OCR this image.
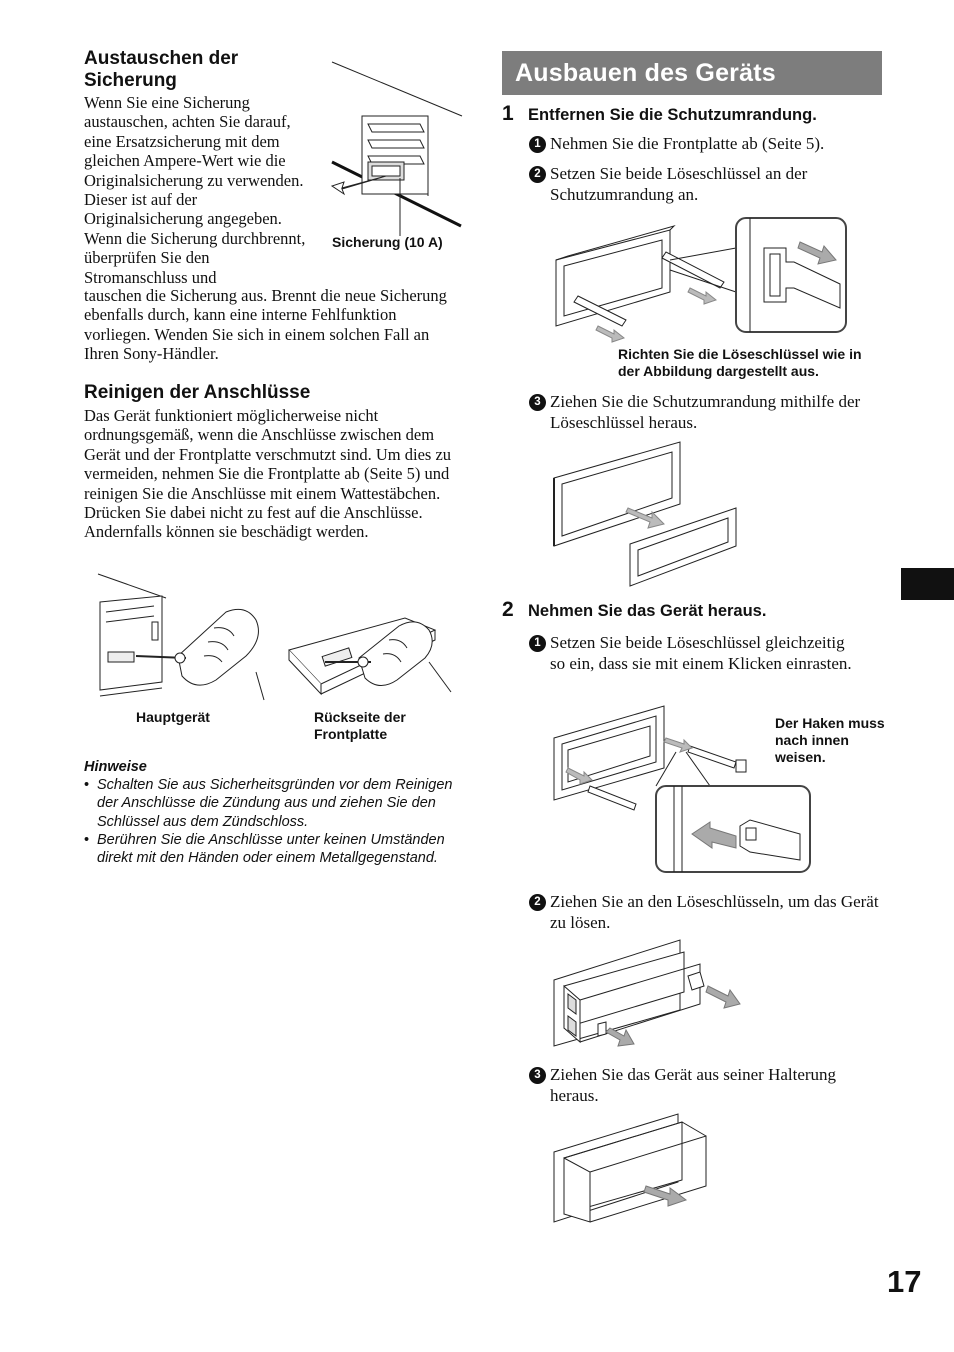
Austauschen der Sicherung
Wenn Sie eine Sicherung austauschen, achten Sie darauf, eine Ersatzsicherung mit dem gleichen Ampere-Wert wie die Originalsicherung zu verwenden. Dieser ist auf der Originalsicherung angegeben. Wenn die Sicherung durchbrennt, überprüfen Sie den Stromanschluss und
tauschen die Sicherung aus. Brennt die neue Sicherung ebenfalls durch, kann eine interne Fehlfunktion vorliegen. Wenden Sie sich in einem solchen Fall an Ihren Sony-Händler.
Sicherung (10 A)
Reinigen der Anschlüsse
Das Gerät funktioniert möglicherweise nicht ordnungsgemäß, wenn die Anschlüsse zwischen dem Gerät und der Frontplatte verschmutzt sind. Um dies zu vermeiden, nehmen Sie die Frontplatte ab (Seite 5) und reinigen Sie die Anschlüsse mit einem Wattestäbchen. Drücken Sie dabei nicht zu fest auf die Anschlüsse. Andernfalls können sie beschädigt werden.
Hauptgerät	Rückseite der Frontplatte
Hinweise
• Schalten Sie aus Sicherheitsgründen vor dem Reinigen der Anschlüsse die Zündung aus und ziehen Sie den Schlüssel aus dem Zündschloss.
• Berühren Sie die Anschlüsse unter keinen Umständen direkt mit den Händen oder einem Metallgegenstand.
Ausbauen des Geräts
1 Entfernen Sie die Schutzumrandung.
1 Nehmen Sie die Frontplatte ab (Seite 5).
2 Setzen Sie beide Löseschlüssel an der Schutzumrandung an.
Richten Sie die Löseschlüssel wie in der Abbildung dargestellt aus.
3 Ziehen Sie die Schutzumrandung mithilfe der Löseschlüssel heraus.
2 Nehmen Sie das Gerät heraus.
1 Setzen Sie beide Löseschlüssel gleichzeitig so ein, dass sie mit einem Klicken einrasten.
Der Haken muss nach innen weisen.
2 Ziehen Sie an den Löseschlüsseln, um das Gerät zu lösen.
3 Ziehen Sie das Gerät aus seiner Halterung heraus.
17
